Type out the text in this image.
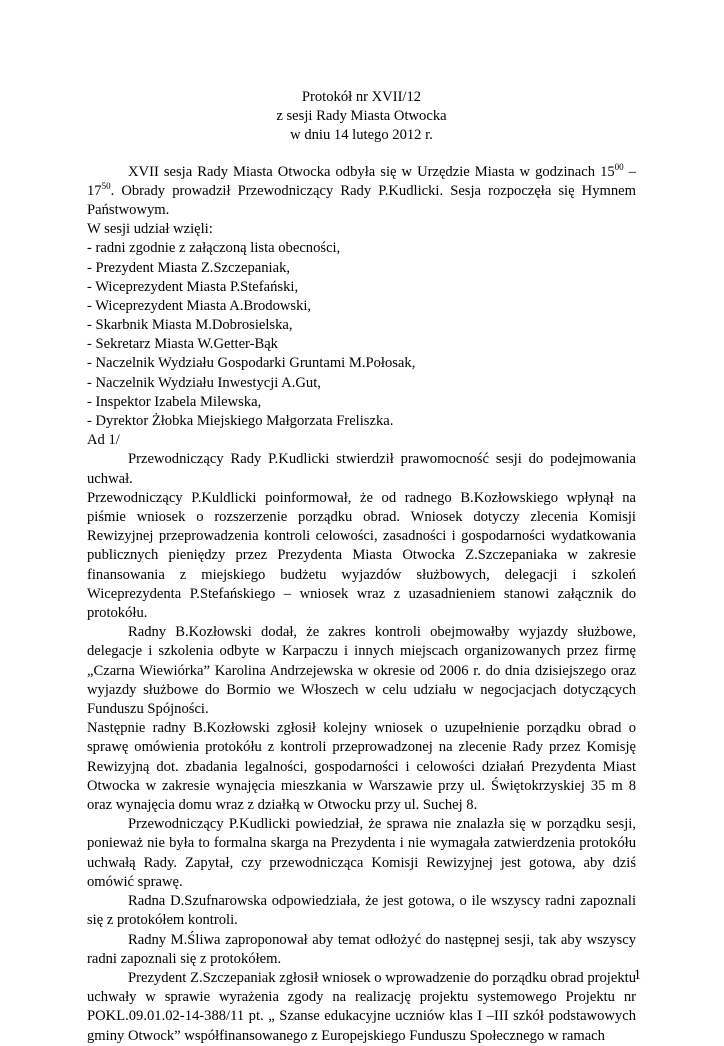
Protokół nr XVII/12
z sesji Rady Miasta Otwocka
w dniu 14 lutego 2012 r.

XVII sesja Rady Miasta Otwocka odbyła się w Urzędzie Miasta w godzinach $15^{00} - 17^{50}$. Obrady prowadził Przewodniczący Rady P.Kudlicki. Sesja rozpoczęła się Hymnem Państwowym.

W sesji udział wzięli:
- radni zgodnie z załączoną lista obecności,
- Prezydent Miasta Z.Szczepaniak,
- Wiceprezydent Miasta P.Stefański,
- Wiceprezydent Miasta A.Brodowski,
- Skarbnik Miasta M.Dobrosielska,
- Sekretarz Miasta W.Getter-Bąk
- Naczelnik Wydziału Gospodarki Gruntami M.Połosak,
- Naczelnik Wydziału Inwestycji A.Gut,
- Inspektor Izabela Milewska,
- Dyrektor Żłobka Miejskiego Małgorzata Freliszka.
Ad 1/

Przewodniczący Rady P.Kudlicki stwierdził prawomocność sesji do podejmowania uchwał.

Przewodniczący P.Kuldlicki poinformował, że od radnego B.Kozłowskiego wpłynął na piśmie wniosek o rozszerzenie porządku obrad. Wniosek dotyczy zlecenia Komisji Rewizyjnej przeprowadzenia kontroli celowości, zasadności i gospodarności wydatkowania publicznych pieniędzy przez Prezydenta Miasta Otwocka Z.Szczepaniaka w zakresie finansowania z miejskiego budżetu wyjazdów służbowych, delegacji i szkoleń Wiceprezydenta P.Stefańskiego – wniosek wraz z uzasadnieniem stanowi załącznik do protokółu.

Radny B.Kozłowski dodał, że zakres kontroli obejmowałby wyjazdy służbowe, delegacje i szkolenia odbyte w Karpaczu i innych miejscach organizowanych przez firmę „Czarna Wiewiórka” Karolina Andrzejewska w okresie od 2006 r. do dnia dzisiejszego oraz wyjazdy służbowe do Bormio we Włoszech w celu udziału w negocjacjach dotyczących Funduszu Spójności.

Następnie radny B.Kozłowski zgłosił kolejny wniosek o uzupełnienie porządku obrad o sprawę omówienia protokółu z kontroli przeprowadzonej na zlecenie Rady przez Komisję Rewizyjną dot. zbadania legalności, gospodarności i celowości działań Prezydenta Miast Otwocka w zakresie wynajęcia mieszkania w Warszawie przy ul. Świętokrzyskiej 35 m 8 oraz wynajęcia domu wraz z działką w Otwocku przy ul. Suchej 8.

Przewodniczący P.Kudlicki powiedział, że sprawa nie znalazła się w porządku sesji, ponieważ nie była to formalna skarga na Prezydenta i nie wymagała zatwierdzenia protokółu uchwałą Rady. Zapytał, czy przewodnicząca Komisji Rewizyjnej jest gotowa, aby dziś omówić sprawę.

Radna D.Szufnarowska odpowiedziała, że jest gotowa, o ile wszyscy radni zapoznali się z protokółem kontroli.

Radny M.Śliwa zaproponował aby temat odłożyć do następnej sesji, tak aby wszyscy radni zapoznali się z protokółem.

Prezydent Z.Szczepaniak zgłosił wniosek o wprowadzenie do porządku obrad projektu uchwały w sprawie wyrażenia zgody na realizację projektu systemowego Projektu nr POKL.09.01.02-14-388/11 pt. „ Szanse edukacyjne uczniów klas I –III szkół podstawowych gminy Otwock” współfinansowanego z Europejskiego Funduszu Społecznego w ramach

1
